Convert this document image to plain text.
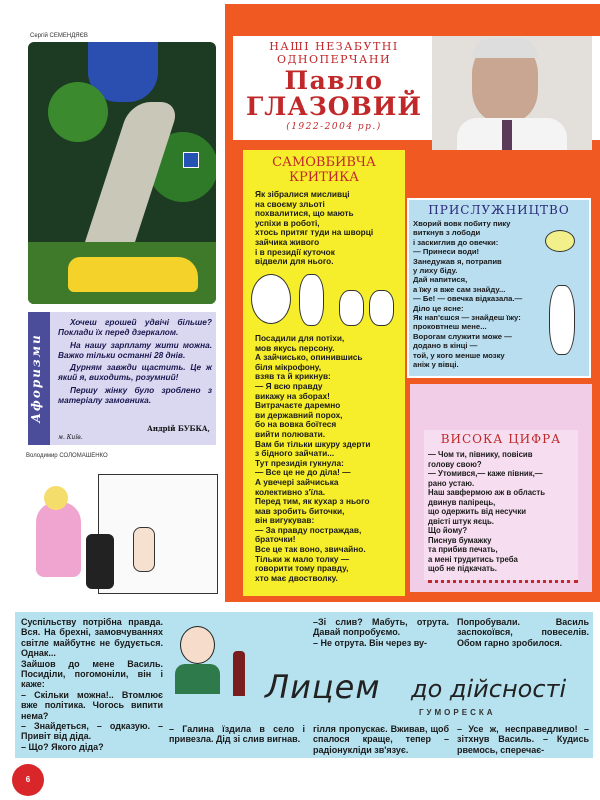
Сергій СЕМЕНДЯЄВ
Афоризми

Хочеш грошей удвічі більше? Поклади їх перед дзеркалом.

На нашу зарплату жити можна. Важко тільки останні 28 днів.

Дурням завжди щастить. Це ж який я, виходить, розумний!

Першу жінку було зроблено з матеріалу замовника.

Андрій БУБКА,
м. Київ.
Володимир СОЛОМАШЕНКО
НАШІ НЕЗАБУТНІ
ОДНОПЕРЧАНИ
Павло
ГЛАЗОВИЙ
(1922-2004 рр.)
САМОВБИВЧА КРИТИКА
Як зібралися мисливці
на своєму зльоті
похвалитися, що мають
успіхи в роботі,
хтось притяг туди на шворці
зайчика живого
і в президії куточок
відвели для нього.
Посадили для потіхи,
мов якусь персону.
А зайчисько, опинившись
біля мікрофону,
взяв та й крикнув:
— Я всю правду
викажу на зборах!
Витрачаєте даремно
ви державний порох,
бо на вовка боїтеся
вийти полювати.
Вам би тільки шкуру здерти
з бідного зайчати...
Тут президія гукнула:
— Все це не до діла! —
А увечері зайчиська
колективно з'їла.
Перед тим, як кухар з нього
мав зробить биточки,
він вигукував:
— За правду постраждав,
браточки!
Все це так воно, звичайно.
Тільки ж мало толку —
говорити тому правду,
хто має двостволку.
ПРИСЛУЖНИЦТВО
Хворий вовк побиту пику
виткнув з лободи
і заскиглив до овечки:
— Принеси води!
Занедужав я, потрапив
у лиху біду.
Дай напитися,
а їжу я вже сам знайду...
— Бе! — овечка відказала.—
Діло це ясне:
Як нап'єшся — знайдеш їжу:
проковтнеш мене...
Ворогам служити може —
додано в кінці —
той, у кого менше мозку
аніж у вівці.
ВИСОКА ЦИФРА
— Чом ти, півнику, повісив
голову свою?
— Утомився,— каже півник,—
рано устаю.
Наш завфермою аж в область
двинув папірець,
що одержить від несучки
двісті штук яєць.
Що йому?
Писнув бумажку
та прибив печать,
а мені трудитись треба
щоб не підкачать.
Суспільству потрібна правда. Вся. На брехні, замовчуваннях світле майбутнє не будується. Однак...
Зайшов до мене Василь. Посиділи, погомоніли, він і каже:
– Скільки можна!.. Втомлює вже політика. Чогось випити нема?
– Знайдеться, – одказую. – Привіт від діда.
– Що? Якого діда?
– Галина їздила в село і привезла. Дід зі слив вигнав.
–Зі слив? Мабуть, отрута. Давай попробуємо.
– Не отрута. Він через ву-
гілля пропускає. Вживав, щоб спалося краще, тепер – радіонукліди зв'язує.
Попробували. Василь заспокоївся, повеселів. Обом гарно зробилося.
– Усе ж, несправедливо! – зітхнув Василь. – Кудись рвемось, сперечає-
Лицем до дійсності
ГУМОРЕСКА
6
